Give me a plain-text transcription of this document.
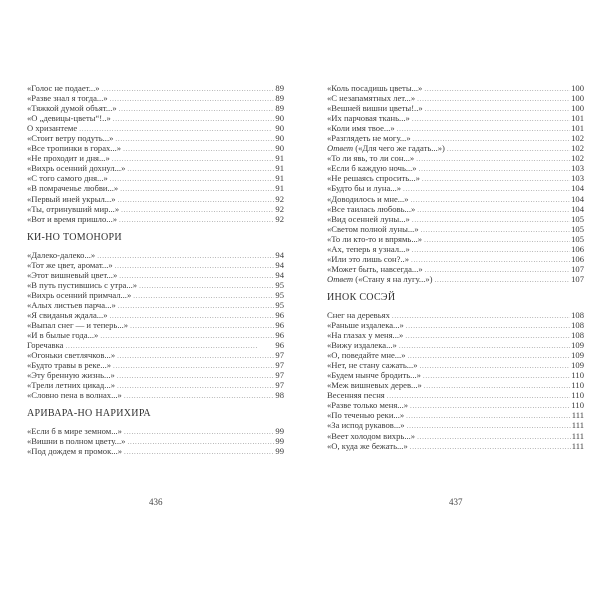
«Голос не подает...» . . .	89
«Разве знал я тогда...» . . .	89
«Тяжкой думой объят...» . . .	89
«О „девицы-цветы“!..» . . .	90
О хризантеме . . .	90
«Стоит ветру подуть...» . . .	90
«Все тропинки в горах...» . . .	90
«Не проходит и дня...» . . .	91
«Вихрь осенний дохнул...» . . .	91
«С того самого дня...» . . .	91
«В помраченье любви...» . . .	91
«Первый иней укрыл...» . . .	92
«Ты, отринувший мир...» . . .	92
«Вот и время пришло...» . . .	92
КИ-НО ТОМОНОРИ
«Далеко-далеко...» . . .	94
«Тот же цвет, аромат...» . . .	94
«Этот вишневый цвет...» . . .	94
«В путь пустившись с утра...» . . .	95
«Вихрь осенний примчал...» . . .	95
«Алых листьев парча...» . . .	95
«Я свиданья ждала...» . . .	96
«Выпал снег — и теперь...» . . .	96
«И в былые года...» . . .	96
Горечавка . . .	96
«Огоньки светлячков...» . . .	97
«Будто травы в реке...» . . .	97
«Эту бренную жизнь...» . . .	97
«Трели летних цикад...» . . .	97
«Словно пена в волнах...» . . .	98
АРИВАРА-НО НАРИХИРА
«Если б в мире земном...» . . .	99
«Вишни в полном цвету...» . . .	99
«Под дождем я промок...» . . .	99
436
«Коль посадишь цветы...» . . .	100
«С незапамятных лет...» . . .	100
«Вешней вишни цветы!..» . . .	100
«Их парчовая ткань...» . . .	101
«Коли имя твое...» . . .	101
«Разглядеть не могу...» . . .	102
Ответ («Для чего же гадать...») . . .	102
«То ли явь, то ли сон...» . . .	102
«Если б каждую ночь...» . . .	103
«Не решаясь спросить...» . . .	103
«Будто бы и луна...» . . .	104
«Доводилось и мне...» . . .	104
«Все таилась любовь...» . . .	104
«Вид осенней луны...» . . .	105
«Светом полной луны...» . . .	105
«То ли кто-то и впрямь...» . . .	105
«Ах, теперь я узнал...» . . .	106
«Или это лишь сон?..» . . .	106
«Может быть, навсегда...» . . .	107
Ответ («Стану я на лугу...») . . .	107
ИНОК СОСЭЙ
Снег на деревьях . . .	108
«Раньше издалека...» . . .	108
«На глазах у меня...» . . .	108
«Вижу издалека...» . . .	109
«О, поведайте мне...» . . .	109
«Нет, не стану сажать...» . . .	109
«Будем нынче бродить...» . . .	110
«Меж вишневых дерев...» . . .	110
Весенняя песня . . .	110
«Разве только меня...» . . .	110
«По теченью реки...» . . .	111
«За испод рукавов...» . . .	111
«Веет холодом вихрь...» . . .	111
«О, куда же бежать...» . . .	111
437
